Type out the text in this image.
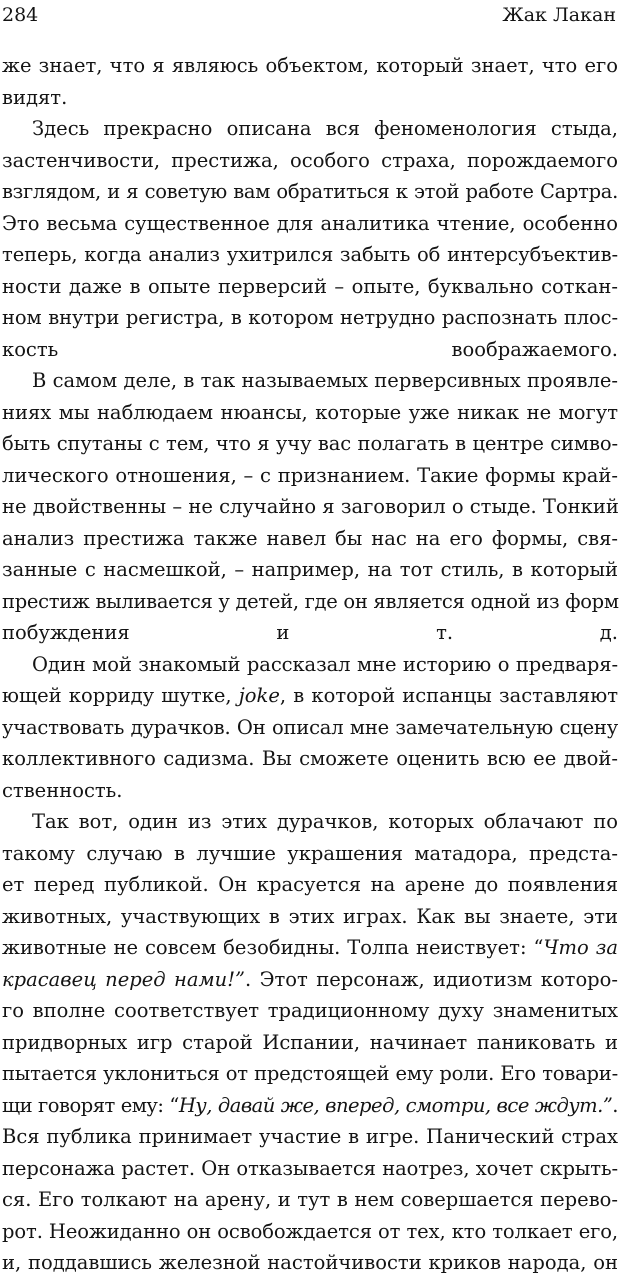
284	Жак Лакан

же знает, что я являюсь объектом, который знает, что его

видят.

Здесь прекрасно описана вся феноменология стыда,

застенчивости, престижа, особого страха, порождаемого

взглядом, и я советую вам обратиться к этой работе Сартра.

Это весьма существенное для аналитика чтение, особенно

теперь, когда анализ ухитрился забыть об интерсубъектив-

ности даже в опыте перверсий – опыте, буквально соткан-

ном внутри регистра, в котором нетрудно распознать плос-

кость воображаемого.

В самом деле, в так называемых перверсивных проявле-

ниях мы наблюдаем нюансы, которые уже никак не могут

быть спутаны с тем, что я учу вас полагать в центре симво-

лического отношения, – с признанием. Такие формы край-

не двойственны – не случайно я заговорил о стыде. Тонкий

анализ престижа также навел бы нас на его формы, свя-

занные с насмешкой, – например, на тот стиль, в который

престиж выливается у детей, где он является одной из форм

побуждения и т. д.

Один мой знакомый рассказал мне историю о предваря-

ющей корриду шутке, joke, в которой испанцы заставляют

участвовать дурачков. Он описал мне замечательную сцену

коллективного садизма. Вы сможете оценить всю ее двой-

ственность.

Так вот, один из этих дурачков, которых облачают по

такому случаю в лучшие украшения матадора, предста-

ет перед публикой. Он красуется на арене до появления

животных, участвующих в этих играх. Как вы знаете, эти

животные не совсем безобидны. Толпа неиствует: “Что за

красавец перед нами!”. Этот персонаж, идиотизм которо-

го вполне соответствует традиционному духу знаменитых

придворных игр старой Испании, начинает паниковать и

пытается уклониться от предстоящей ему роли. Его товари-

щи говорят ему: “Ну, давай же, вперед, смотри, все ждут.”.

Вся публика принимает участие в игре. Панический страх

персонажа растет. Он отказывается наотрез, хочет скрыть-

ся. Его толкают на арену, и тут в нем совершается перево-

рот. Неожиданно он освобождается от тех, кто толкает его,

и, поддавшись железной настойчивости криков народа, он
